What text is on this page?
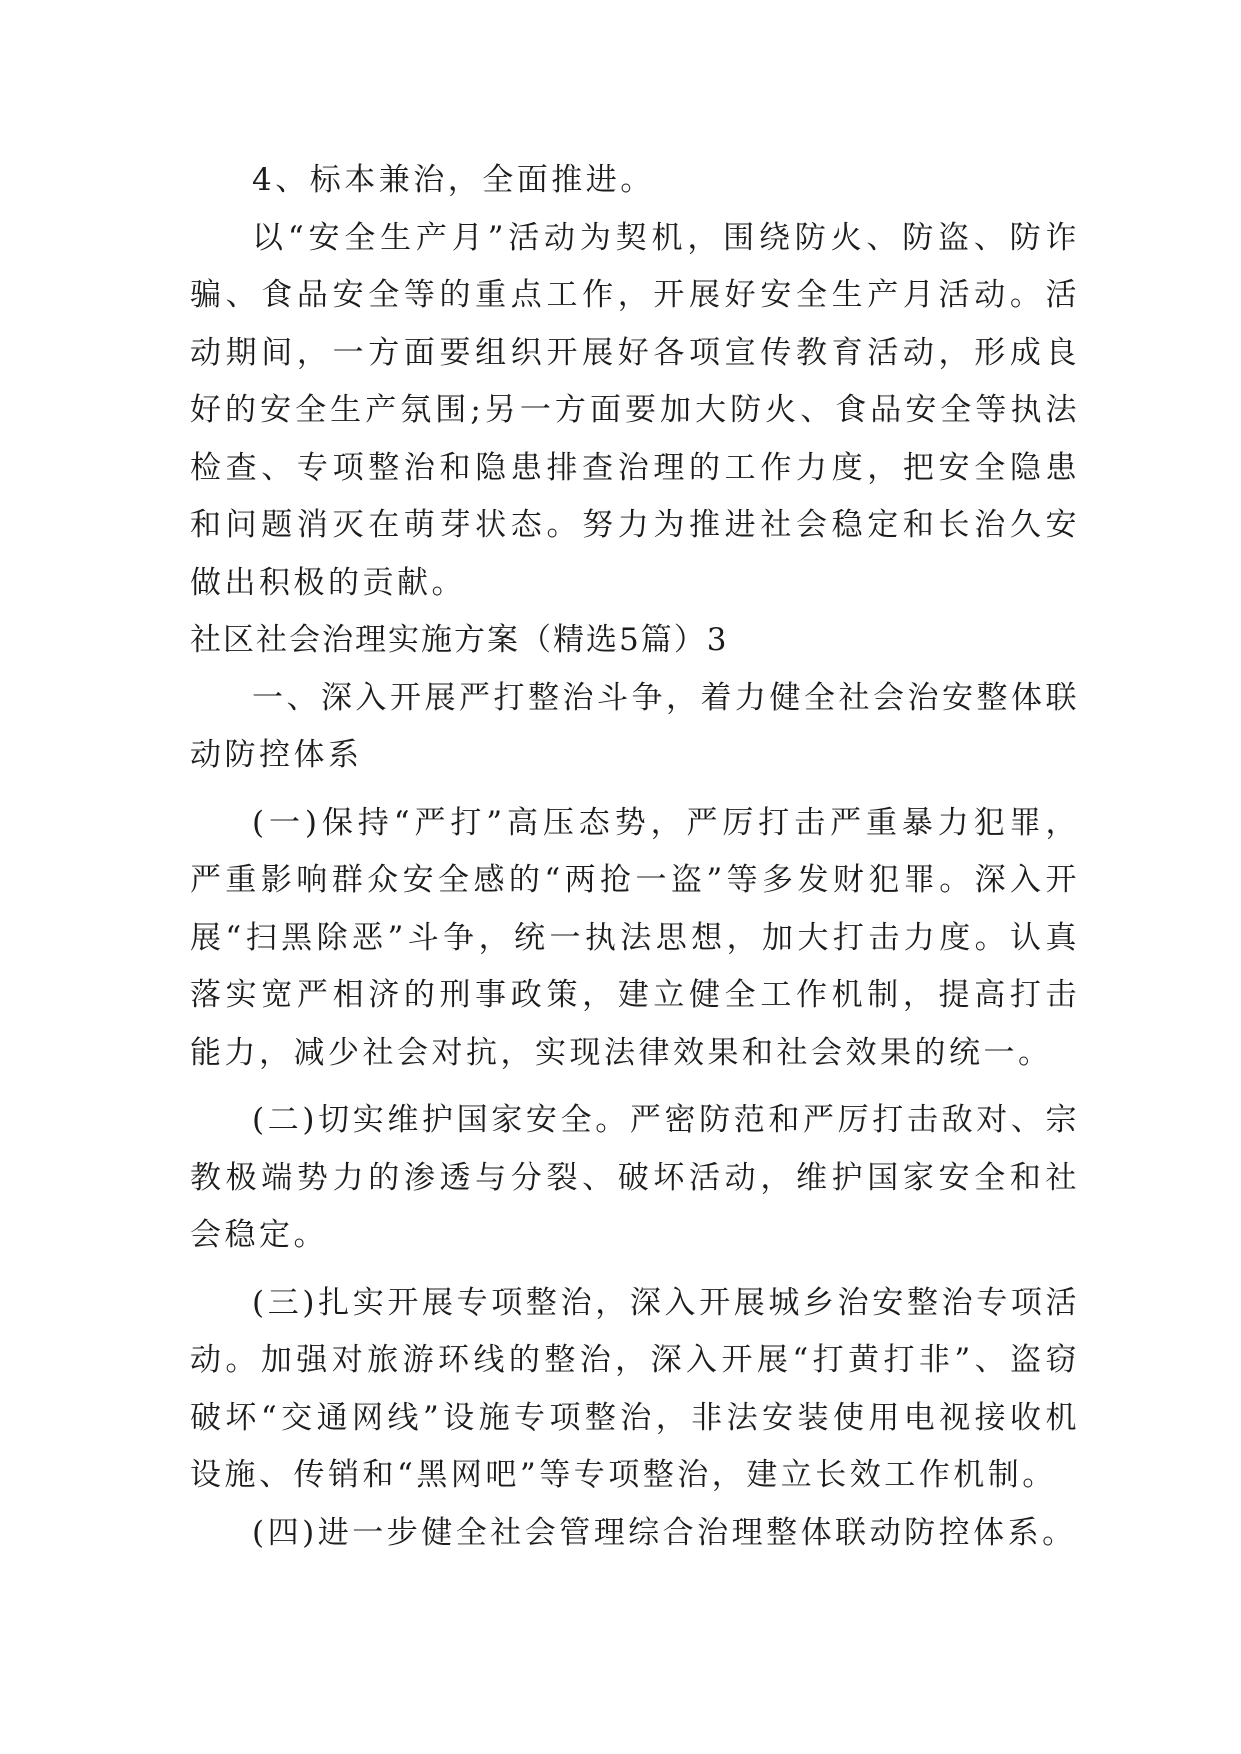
4、标本兼治，全面推进。

以“安全生产月”活动为契机，围绕防火、防盗、防诈骗、食品安全等的重点工作，开展好安全生产月活动。活动期间，一方面要组织开展好各项宣传教育活动，形成良好的安全生产氛围;另一方面要加大防火、食品安全等执法检查、专项整治和隐患排查治理的工作力度，把安全隐患和问题消灭在萌芽状态。努力为推进社会稳定和长治久安做出积极的贡献。

社区社会治理实施方案（精选5篇）3

一、深入开展严打整治斗争，着力健全社会治安整体联动防控体系

(一)保持“严打”高压态势，严厉打击严重暴力犯罪，严重影响群众安全感的“两抢一盗”等多发财犯罪。深入开展“扫黑除恶”斗争，统一执法思想，加大打击力度。认真落实宽严相济的刑事政策，建立健全工作机制，提高打击能力，减少社会对抗，实现法律效果和社会效果的统一。

(二)切实维护国家安全。严密防范和严厉打击敌对、宗教极端势力的渗透与分裂、破坏活动，维护国家安全和社会稳定。

(三)扎实开展专项整治，深入开展城乡治安整治专项活动。加强对旅游环线的整治，深入开展“打黄打非”、盗窃破坏“交通网线”设施专项整治，非法安装使用电视接收机设施、传销和“黑网吧”等专项整治，建立长效工作机制。

(四)进一步健全社会管理综合治理整体联动防控体系。
